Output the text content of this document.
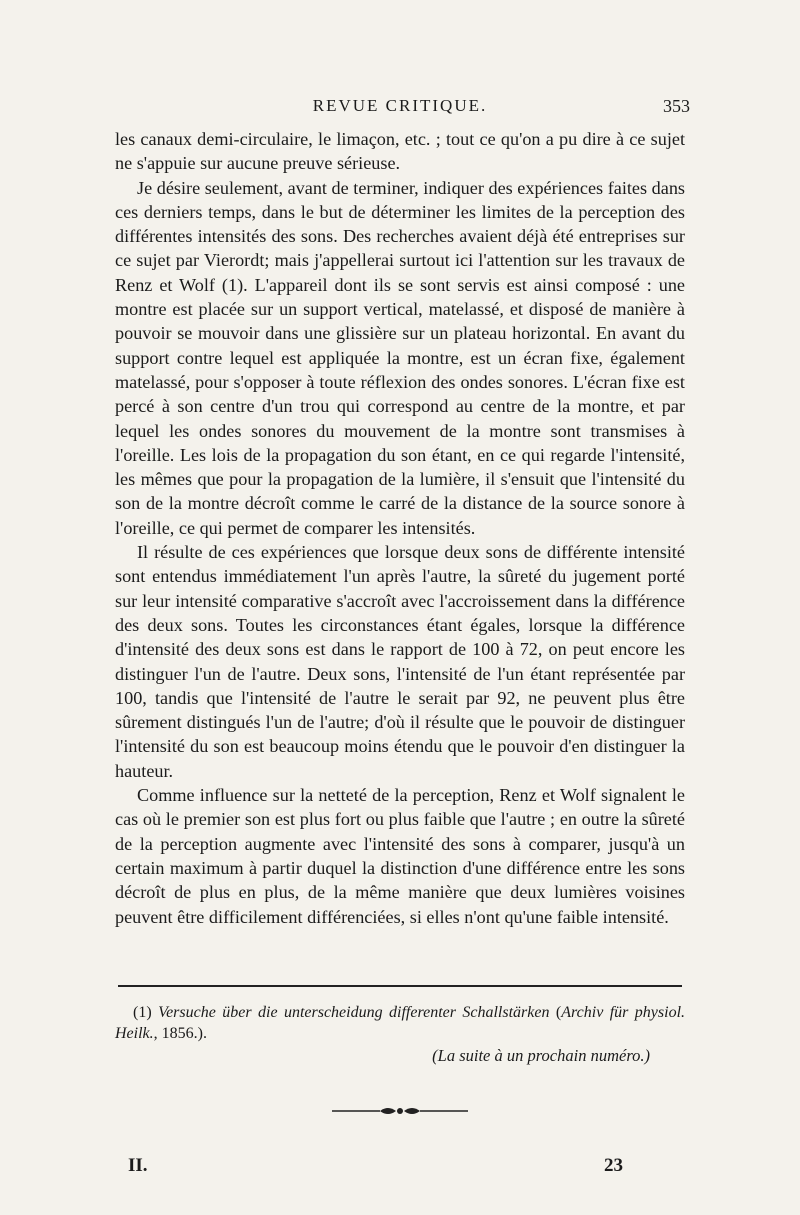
REVUE CRITIQUE.	353

les canaux demi-circulaire, le limaçon, etc. ; tout ce qu'on a pu dire à ce sujet ne s'appuie sur aucune preuve sérieuse.

Je désire seulement, avant de terminer, indiquer des expériences faites dans ces derniers temps, dans le but de déterminer les limites de la perception des différentes intensités des sons. Des recherches avaient déjà été entreprises sur ce sujet par Vierordt; mais j'appellerai surtout ici l'attention sur les travaux de Renz et Wolf (1). L'appareil dont ils se sont servis est ainsi composé : une montre est placée sur un support vertical, matelassé, et disposé de manière à pouvoir se mouvoir dans une glissière sur un plateau horizontal. En avant du support contre lequel est appliquée la montre, est un écran fixe, également matelassé, pour s'opposer à toute réflexion des ondes sonores. L'écran fixe est percé à son centre d'un trou qui correspond au centre de la montre, et par lequel les ondes sonores du mouvement de la montre sont transmises à l'oreille. Les lois de la propagation du son étant, en ce qui regarde l'intensité, les mêmes que pour la propagation de la lumière, il s'ensuit que l'intensité du son de la montre décroît comme le carré de la distance de la source sonore à l'oreille, ce qui permet de comparer les intensités.

Il résulte de ces expériences que lorsque deux sons de différente intensité sont entendus immédiatement l'un après l'autre, la sûreté du jugement porté sur leur intensité comparative s'accroît avec l'accroissement dans la différence des deux sons. Toutes les circonstances étant égales, lorsque la différence d'intensité des deux sons est dans le rapport de 100 à 72, on peut encore les distinguer l'un de l'autre. Deux sons, l'intensité de l'un étant représentée par 100, tandis que l'intensité de l'autre le serait par 92, ne peuvent plus être sûrement distingués l'un de l'autre; d'où il résulte que le pouvoir de distinguer l'intensité du son est beaucoup moins étendu que le pouvoir d'en distinguer la hauteur.

Comme influence sur la netteté de la perception, Renz et Wolf signalent le cas où le premier son est plus fort ou plus faible que l'autre ; en outre la sûreté de la perception augmente avec l'intensité des sons à comparer, jusqu'à un certain maximum à partir duquel la distinction d'une différence entre les sons décroît de plus en plus, de la même manière que deux lumières voisines peuvent être difficilement différenciées, si elles n'ont qu'une faible intensité.

(1) Versuche über die unterscheidung differenter Schallstärken (Archiv für physiol. Heilk., 1856.).

(La suite à un prochain numéro.)
II.	23
